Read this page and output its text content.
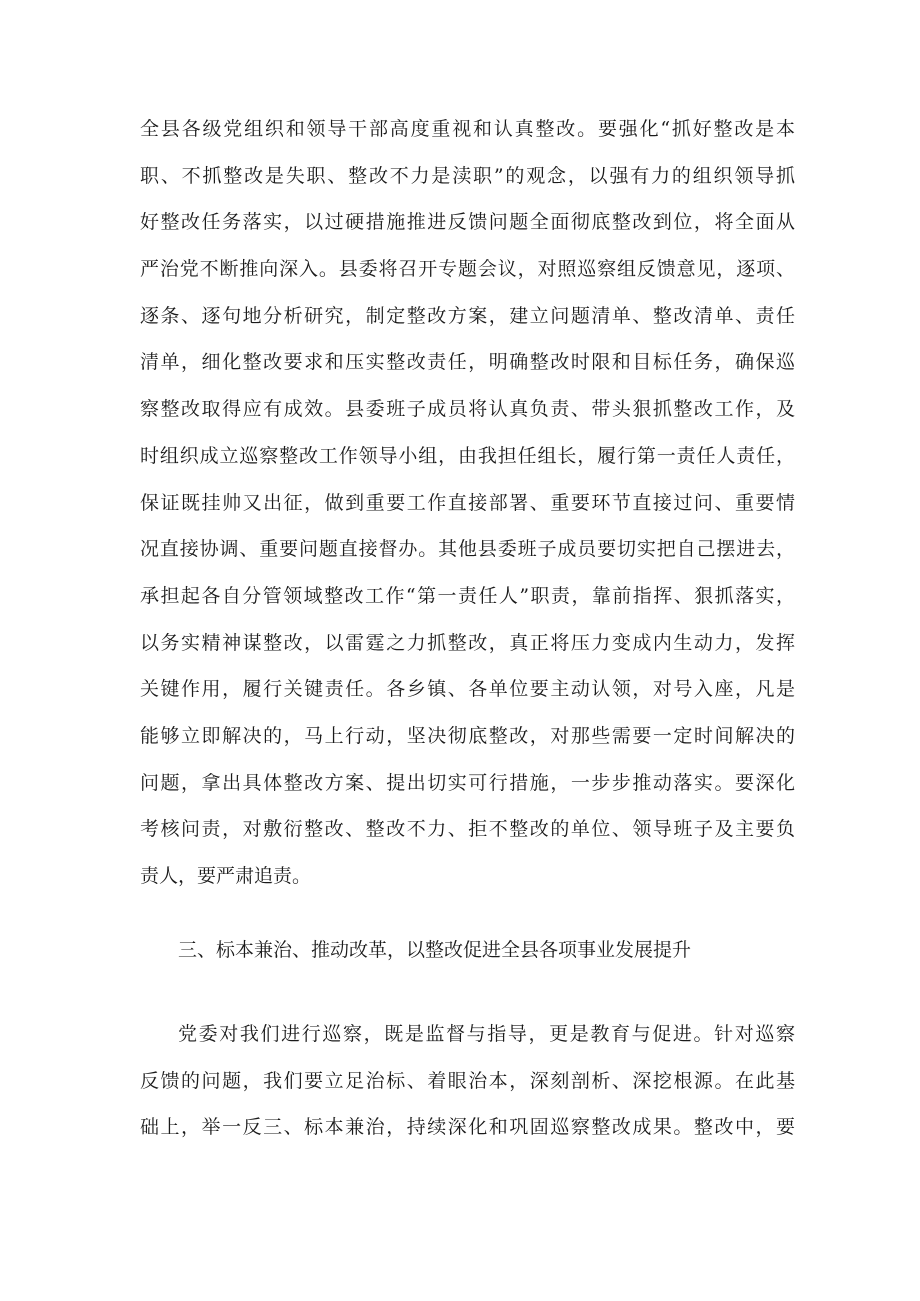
全县各级党组织和领导干部高度重视和认真整改。要强化“抓好整改是本
职、不抓整改是失职、整改不力是渎职”的观念，以强有力的组织领导抓
好整改任务落实，以过硬措施推进反馈问题全面彻底整改到位，将全面从
严治党不断推向深入。县委将召开专题会议，对照巡察组反馈意见，逐项、
逐条、逐句地分析研究，制定整改方案，建立问题清单、整改清单、责任
清单，细化整改要求和压实整改责任，明确整改时限和目标任务，确保巡
察整改取得应有成效。县委班子成员将认真负责、带头狠抓整改工作，及
时组织成立巡察整改工作领导小组，由我担任组长，履行第一责任人责任，
保证既挂帅又出征，做到重要工作直接部署、重要环节直接过问、重要情
况直接协调、重要问题直接督办。其他县委班子成员要切实把自己摆进去，
承担起各自分管领域整改工作“第一责任人”职责，靠前指挥、狠抓落实，
以务实精神谋整改，以雷霆之力抓整改，真正将压力变成内生动力，发挥
关键作用，履行关键责任。各乡镇、各单位要主动认领，对号入座，凡是
能够立即解决的，马上行动，坚决彻底整改，对那些需要一定时间解决的
问题，拿出具体整改方案、提出切实可行措施，一步步推动落实。要深化
考核问责，对敷衍整改、整改不力、拒不整改的单位、领导班子及主要负
责人，要严肃追责。
三、标本兼治、推动改革，以整改促进全县各项事业发展提升
党委对我们进行巡察，既是监督与指导，更是教育与促进。针对巡察
反馈的问题，我们要立足治标、着眼治本，深刻剖析、深挖根源。在此基
础上，举一反三、标本兼治，持续深化和巩固巡察整改成果。整改中，要
